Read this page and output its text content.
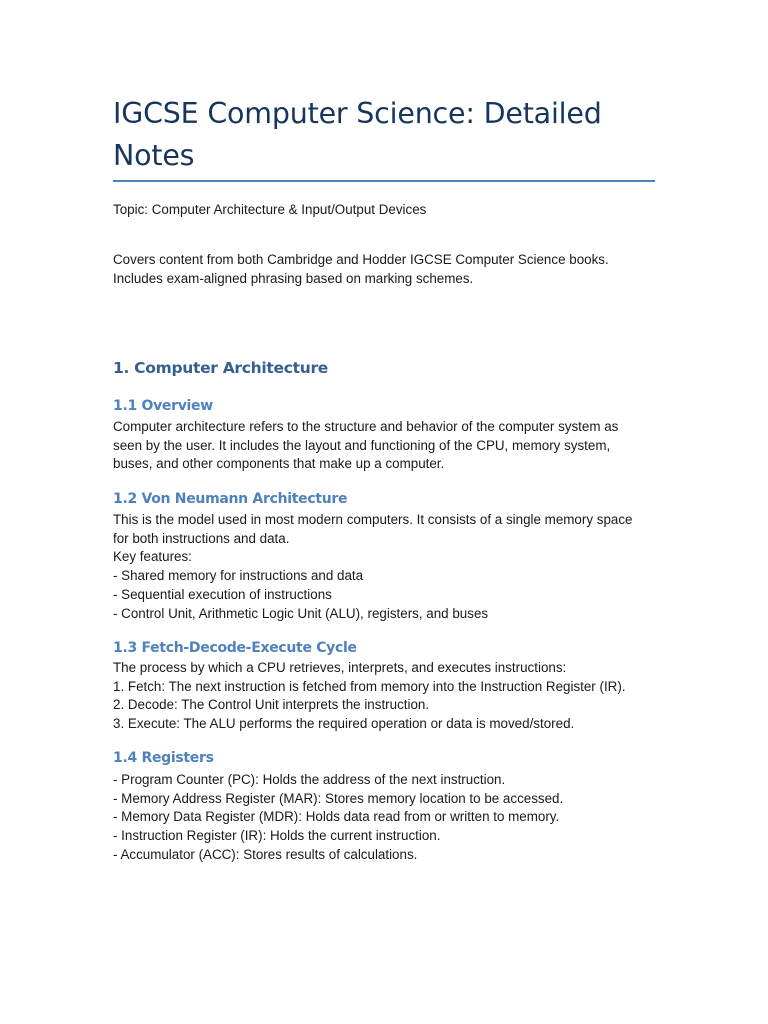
IGCSE Computer Science: Detailed
Notes

Topic: Computer Architecture & Input/Output Devices

Covers content from both Cambridge and Hodder IGCSE Computer Science books.
Includes exam-aligned phrasing based on marking schemes.
1. Computer Architecture
1.1 Overview
Computer architecture refers to the structure and behavior of the computer system as
seen by the user. It includes the layout and functioning of the CPU, memory system,
buses, and other components that make up a computer.
1.2 Von Neumann Architecture
This is the model used in most modern computers. It consists of a single memory space
for both instructions and data.
Key features:
- Shared memory for instructions and data
- Sequential execution of instructions
- Control Unit, Arithmetic Logic Unit (ALU), registers, and buses
1.3 Fetch-Decode-Execute Cycle
The process by which a CPU retrieves, interprets, and executes instructions:
1. Fetch: The next instruction is fetched from memory into the Instruction Register (IR).
2. Decode: The Control Unit interprets the instruction.
3. Execute: The ALU performs the required operation or data is moved/stored.
1.4 Registers
- Program Counter (PC): Holds the address of the next instruction.
- Memory Address Register (MAR): Stores memory location to be accessed.
- Memory Data Register (MDR): Holds data read from or written to memory.
- Instruction Register (IR): Holds the current instruction.
- Accumulator (ACC): Stores results of calculations.
